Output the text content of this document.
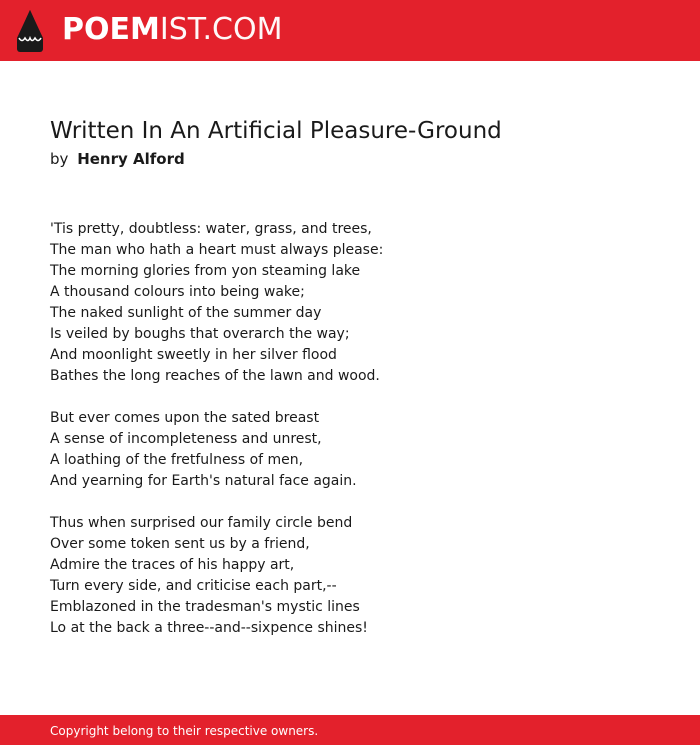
POEMIST.COM
Written In An Artificial Pleasure-Ground
by Henry Alford
'Tis pretty, doubtless: water, grass, and trees,
The man who hath a heart must always please:
The morning glories from yon steaming lake
A thousand colours into being wake;
The naked sunlight of the summer day
Is veiled by boughs that overarch the way;
And moonlight sweetly in her silver flood
Bathes the long reaches of the lawn and wood.
But ever comes upon the sated breast
A sense of incompleteness and unrest,
A loathing of the fretfulness of men,
And yearning for Earth's natural face again.
Thus when surprised our family circle bend
Over some token sent us by a friend,
Admire the traces of his happy art,
Turn every side, and criticise each part,--
Emblazoned in the tradesman's mystic lines
Lo at the back a three--and--sixpence shines!
Copyright belong to their respective owners.
